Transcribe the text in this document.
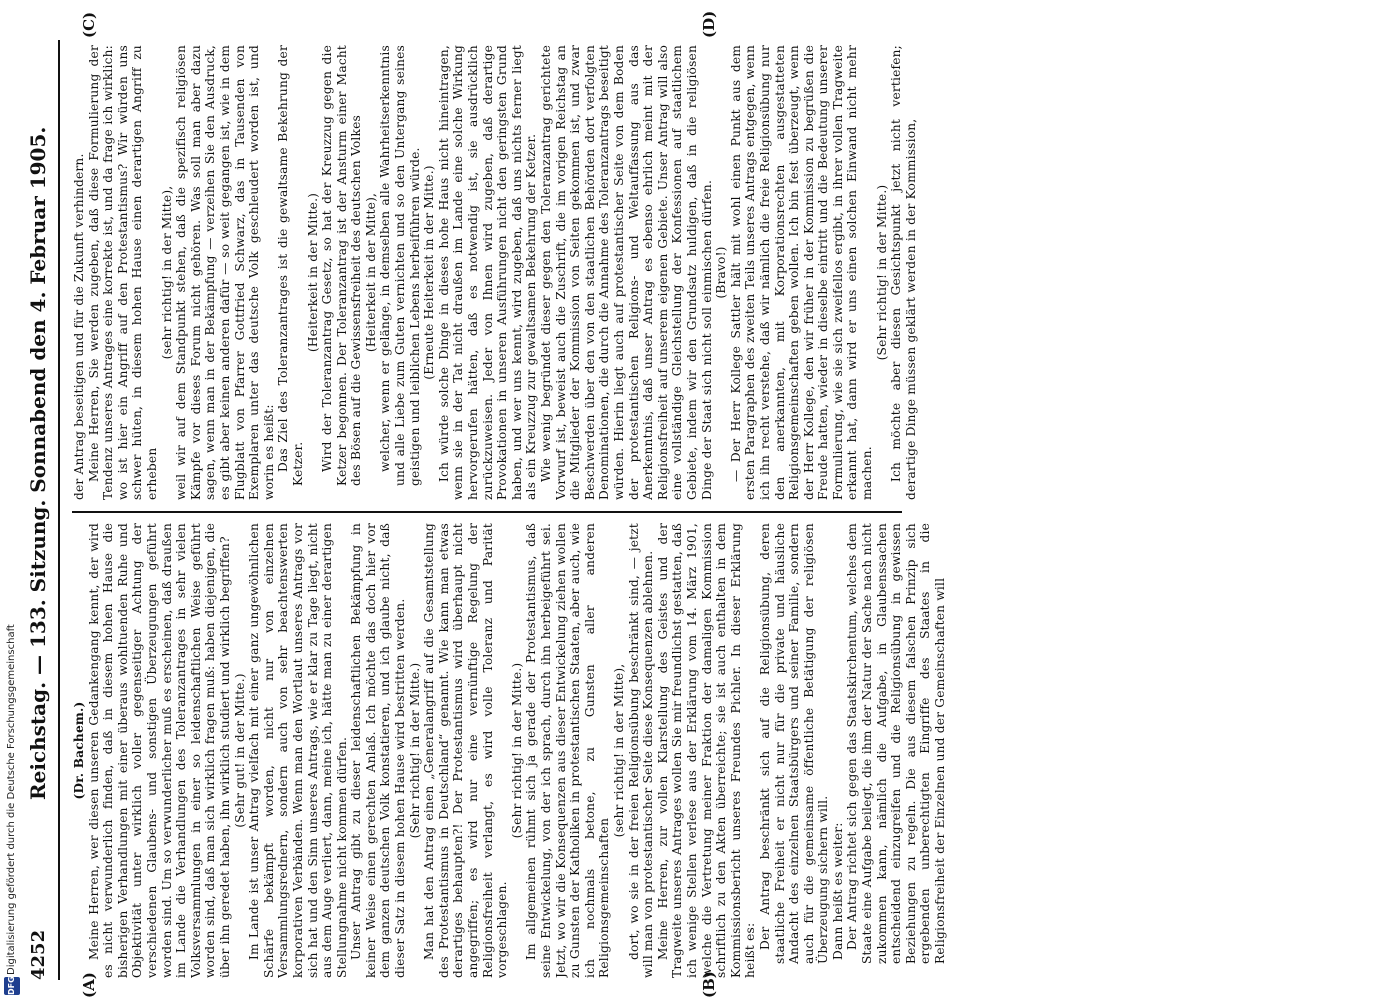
4252
Reichstag. — 133. Sitzung. Sonnabend den 4. Februar 1905.
(A)	(B)
(C)	(D)

(Dr. Bachem.) Meine Herren, wer diesen unseren Gedankengang kennt, der wird es nicht verwunderlich finden, daß in diesem hohen Hause die bisherigen Verhandlungen mit einer überaus wohltuenden Ruhe und Objektivität unter wirklich voller gegenseitiger Achtung der verschiedenen Glaubens- und sonstigen Überzeugungen geführt worden sind. Um so verwunderlicher muß es erscheinen, daß draußen im Lande die Verhandlungen des Toleranzantrages in sehr vielen Volksversammlungen in einer so leidenschaftlichen Weise geführt worden sind, daß man sich wirklich fragen muß: haben diejenigen, die über ihn geredet haben, ihn wirklich studiert und wirklich begriffen? (Sehr gut! in der Mitte.) Im Lande ist unser Antrag vielfach mit einer ganz ungewöhnlichen Schärfe bekämpft worden, nicht nur von einzelnen Versammlungsrednern, sondern auch von sehr beachtenswerten korporativen Verbänden. Wenn man den Wortlaut unseres Antrags vor sich hat und den Sinn unseres Antrags, wie er klar zu Tage liegt, nicht aus dem Auge verliert, dann, meine ich, hätte man zu einer derartigen Stellungnahme nicht kommen dürfen. Unser Antrag gibt zu dieser leidenschaftlichen Bekämpfung in keiner Weise einen gerechten Anlaß. Ich möchte das doch hier vor dem ganzen deutschen Volk konstatieren, und ich glaube nicht, daß dieser Satz in diesem hohen Hause wird bestritten werden. (Sehr richtig! in der Mitte.) Man hat den Antrag einen „Generalangriff auf die Gesamtstellung des Protestantismus in Deutschland“ genannt. Wie kann man etwas derartiges behaupten?! Der Protestantismus wird überhaupt nicht angegriffen; es wird nur eine vernünftige Regelung der Religionsfreiheit verlangt, es wird volle Toleranz und Parität vorgeschlagen.

(Sehr richtig! in der Mitte.) Im allgemeinen rühmt sich ja gerade der Protestantismus, daß seine Entwickelung, von der ich sprach, durch ihn herbeigeführt sei. Jetzt, wo wir die Konsequenzen aus dieser Entwickelung ziehen wollen zu Gunsten der Katholiken in protestantischen Staaten, aber auch, wie ich nochmals betone, zu Gunsten aller anderen Religionsgemeinschaften

(sehr richtig! in der Mitte), dort, wo sie in der freien Religionsübung beschränkt sind, — jetzt will man von protestantischer Seite diese Konsequenzen ablehnen. Meine Herren, zur vollen Klarstellung des Geistes und der Tragweite unseres Antrages wollen Sie mir freundlichst gestatten, daß ich wenige Stellen verlese aus der Erklärung vom 14. März 1901, welche die Vertretung meiner Fraktion der damaligen Kommission schriftlich zu den Akten überreichte; sie ist auch enthalten in dem Kommissionsbericht unseres Freundes Pichler. In dieser Erklärung heißt es:

Der Antrag beschränkt sich auf die Religionsübung, deren staatliche Freiheit er nicht nur für die private und häusliche Andacht des einzelnen Staatsbürgers und seiner Familie, sondern auch für die gemeinsame öffentliche Betätigung der religiösen Überzeugung sichern will. Dann heißt es weiter: Der Antrag richtet sich gegen das Staatskirchentum, welches dem Staate eine Aufgabe beilegt, die ihm der Natur der Sache nach nicht zukommen kann, nämlich die Aufgabe, in Glaubenssachen entscheidend einzugreifen und die Religionsübung in gewissen Beziehungen zu regeln. Die aus diesem falschen Prinzip sich ergebenden unberechtigten Eingriffe des Staates in die Religionsfreiheit der Einzelnen und der Gemeinschaften will

der Antrag beseitigen und für die Zukunft verhindern. Meine Herren, Sie werden zugeben, daß diese Formulierung der Tendenz unseres Antrages eine korrekte ist, und da frage ich wirklich: wo ist hier ein Angriff auf den Protestantismus? Wir würden uns schwer hüten, in diesem hohen Hause einen derartigen Angriff zu erheben

(sehr richtig! in der Mitte), weil wir auf dem Standpunkt stehen, daß die spezifisch religiösen Kämpfe vor dieses Forum nicht gehören. Was soll man aber dazu sagen, wenn man in der Bekämpfung — verzeihen Sie den Ausdruck, es gibt aber keinen anderen dafür — so weit gegangen ist, wie in dem Flugblatt von Pfarrer Gottfried Schwarz, das in Tausenden von Exemplaren unter das deutsche Volk geschleudert worden ist, und worin es heißt: Das Ziel des Toleranzantrages ist die gewaltsame Bekehrung der Ketzer.

(Heiterkeit in der Mitte.) Wird der Toleranzantrag Gesetz, so hat der Kreuzzug gegen die Ketzer begonnen. Der Toleranzantrag ist der Ansturm einer Macht des Bösen auf die Gewissensfreiheit des deutschen Volkes (Heiterkeit in der Mitte), welcher, wenn er gelänge, in demselben alle Wahrheitserkenntnis und alle Liebe zum Guten vernichten und so den Untergang seines geistigen und leiblichen Lebens herbeiführen würde. (Erneute Heiterkeit in der Mitte.) Ich würde solche Dinge in dieses hohe Haus nicht hineintragen, wenn sie in der Tat nicht draußen im Lande eine solche Wirkung hervorgerufen hätten, daß es notwendig ist, sie ausdrücklich zurückzuweisen. Jeder von Ihnen wird zugeben, daß derartige Provokationen in unseren Ausführungen nicht den geringsten Grund haben, und wer uns kennt, wird zugeben, daß uns nichts ferner liegt als ein Kreuzzug zur gewaltsamen Bekehrung der Ketzer. Wie wenig begründet dieser gegen den Toleranzantrag gerichtete Vorwurf ist, beweist auch die Zuschrift, die im vorigen Reichstag an die Mitglieder der Kommission von Seiten gekommen ist, und zwar Beschwerden über den von den staatlichen Behörden dort verfolgten Denominationen, die durch die Annahme des Toleranzantrags beseitigt würden. Hierin liegt auch auf protestantischer Seite von dem Boden der protestantischen Religions- und Weltauffassung aus das Anerkenntnis, daß unser Antrag es ebenso ehrlich meint mit der Religionsfreiheit auf unserem eigenen Gebiete. Unser Antrag will also eine vollständige Gleichstellung der Konfessionen auf staatlichem Gebiete, indem wir den Grundsatz huldigen, daß in die religiösen Dinge der Staat sich nicht soll einmischen dürfen. (Bravo!) — Der Herr Kollege Sattler hält mit wohl einen Punkt aus dem ersten Paragraphen des zweiten Teils unseres Antrags entgegen, wenn ich ihn recht verstehe, daß wir nämlich die freie Religionsübung nur den anerkannten, mit Korporationsrechten ausgestatteten Religionsgemeinschaften geben wollen. Ich bin fest überzeugt, wenn der Herr Kollege, den wir früher in der Kommission zu begrüßen die Freude hatten, wieder in dieselbe eintritt und die Bedeutung unserer Formulierung, wie sie sich zweifellos ergibt, in ihrer vollen Tragweite erkannt hat, dann wird er uns einen solchen Einwand nicht mehr machen.

(Sehr richtig! in der Mitte.) Ich möchte aber diesen Gesichtspunkt jetzt nicht vertiefen; derartige Dinge müssen geklärt werden in der Kommission,

Digitalisierung gefördert durch die Deutsche Forschungsgemeinschaft
DFG
